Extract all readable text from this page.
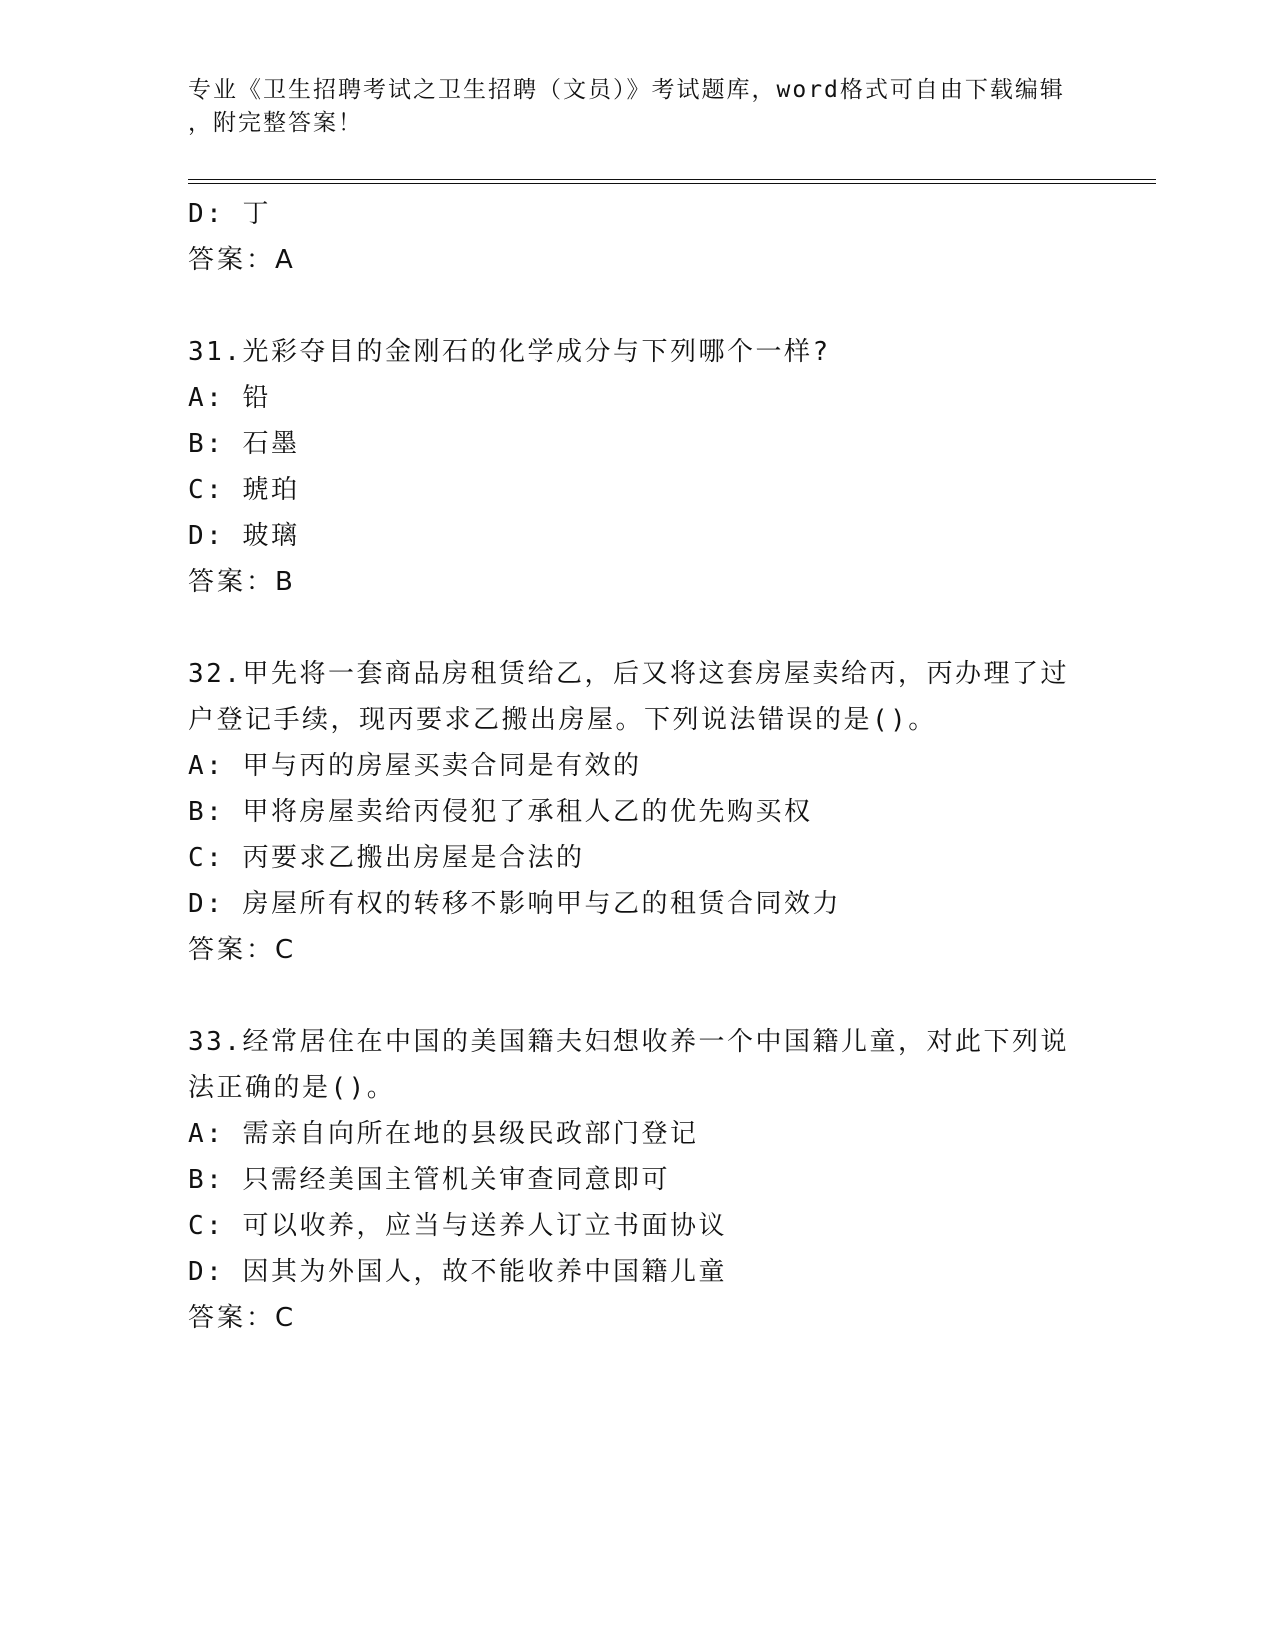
专业《卫生招聘考试之卫生招聘（文员）》考试题库，word格式可自由下载编辑
，附完整答案！
D: 丁
答案：A
31.光彩夺目的金刚石的化学成分与下列哪个一样?
A: 铅
B: 石墨
C: 琥珀
D: 玻璃
答案：B
32.甲先将一套商品房租赁给乙，后又将这套房屋卖给丙，丙办理了过
户登记手续，现丙要求乙搬出房屋。下列说法错误的是()。
A: 甲与丙的房屋买卖合同是有效的
B: 甲将房屋卖给丙侵犯了承租人乙的优先购买权
C: 丙要求乙搬出房屋是合法的
D: 房屋所有权的转移不影响甲与乙的租赁合同效力
答案：C
33.经常居住在中国的美国籍夫妇想收养一个中国籍儿童，对此下列说
法正确的是()。
A: 需亲自向所在地的县级民政部门登记
B: 只需经美国主管机关审查同意即可
C: 可以收养，应当与送养人订立书面协议
D: 因其为外国人，故不能收养中国籍儿童
答案：C
